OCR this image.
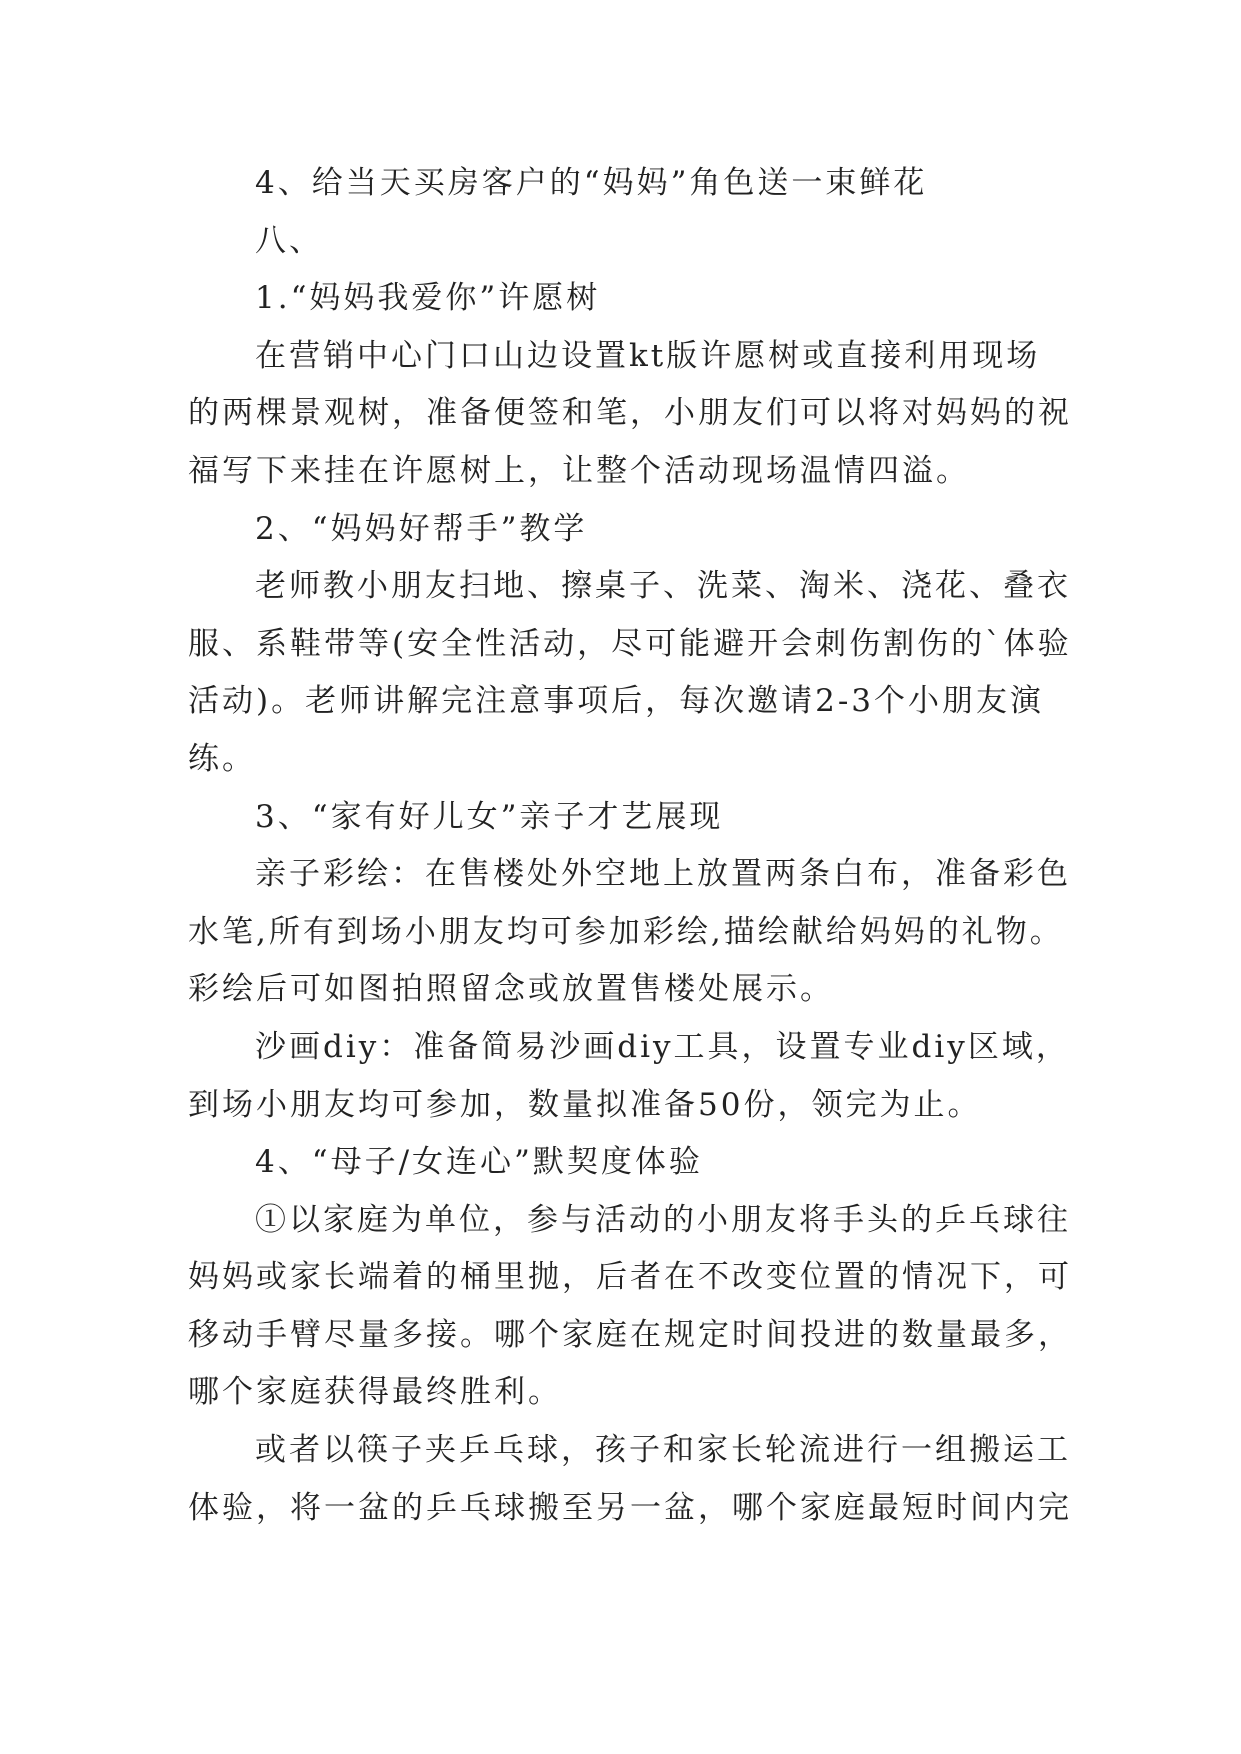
4、给当天买房客户的“妈妈”角色送一束鲜花
八、
1.“妈妈我爱你”许愿树
在营销中心门口山边设置kt版许愿树或直接利用现场
的两棵景观树，准备便签和笔，小朋友们可以将对妈妈的祝
福写下来挂在许愿树上，让整个活动现场温情四溢。
2、“妈妈好帮手”教学
老师教小朋友扫地、擦桌子、洗菜、淘米、浇花、叠衣
服、系鞋带等(安全性活动，尽可能避开会刺伤割伤的`体验
活动)。老师讲解完注意事项后，每次邀请2-3个小朋友演
练。
3、“家有好儿女”亲子才艺展现
亲子彩绘：在售楼处外空地上放置两条白布，准备彩色
水笔,所有到场小朋友均可参加彩绘,描绘献给妈妈的礼物。
彩绘后可如图拍照留念或放置售楼处展示。
沙画diy：准备简易沙画diy工具，设置专业diy区域，
到场小朋友均可参加，数量拟准备50份，领完为止。
4、“母子/女连心”默契度体验
①以家庭为单位，参与活动的小朋友将手头的乒乓球往
妈妈或家长端着的桶里抛，后者在不改变位置的情况下，可
移动手臂尽量多接。哪个家庭在规定时间投进的数量最多，
哪个家庭获得最终胜利。
或者以筷子夹乒乓球，孩子和家长轮流进行一组搬运工
体验，将一盆的乒乓球搬至另一盆，哪个家庭最短时间内完
